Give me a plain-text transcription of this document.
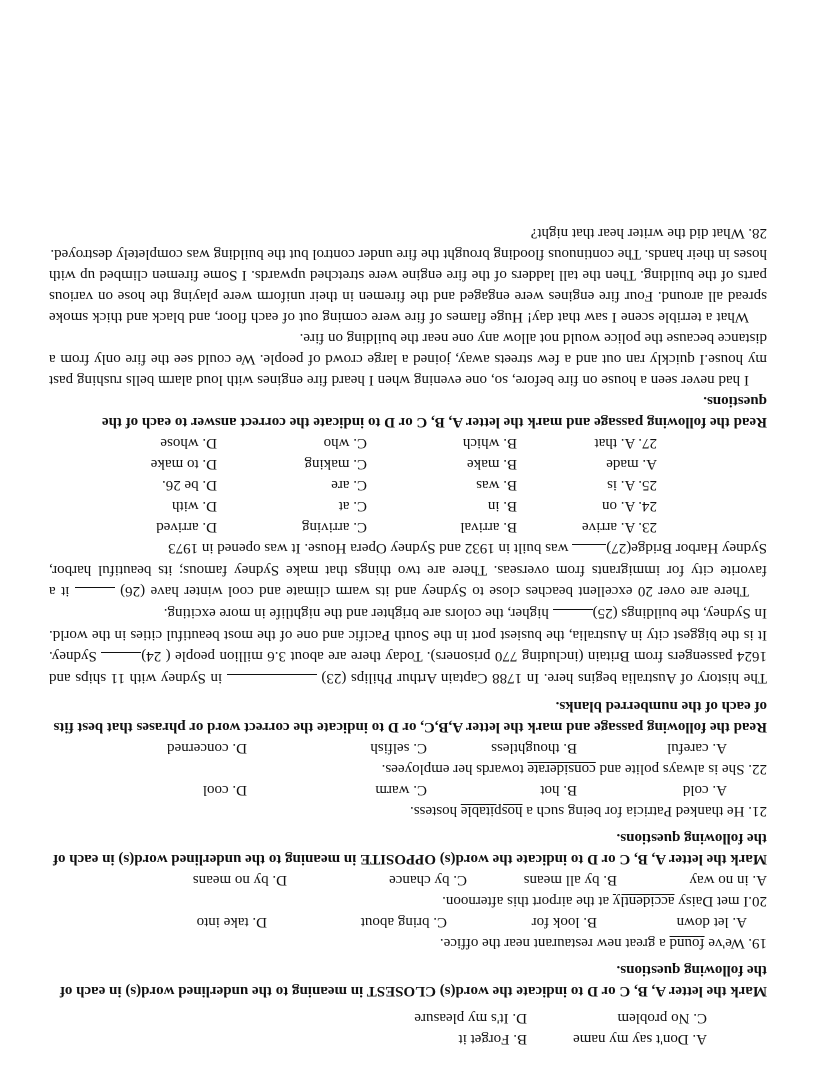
A. Don't say my name
B. Forget it
C. No problem
D. It's my pleasure
Mark the letter A, B, C or D to indicate the word(s) CLOSEST in meaning to the underlined word(s) in each of the following questions.
19. We've found a great new restaurant near the office.
A. let down
B. look for
C. bring about
D. take into
20.I met Daisy accidently at the airport this afternoon.
A. in no way
B. by all means
C. by chance
D. by no means
Mark the letter A, B, C or D to indicate the word(s) OPPOSITE in meaning to the underlined word(s) in each of the following questions.
21. He thanked Patricia for being such a hospitable hostess.
A. cold
B. hot
C. warm
D. cool
22. She is always polite and considerate towards her employees.
A. careful
B. thoughtless
C. selfish
D. concerned
Read the following passage and mark the letter A,B,C, or D to indicate the correct word or phrases that best fits of each of the numberred blanks.
The history of Australia begins here. In 1788 Captain Arthur Philips (23)  in Sydney with 11 ships and 1624 passengers from Britain (including 770 prisoners). Today there are about 3.6 million people ( 24) Sydney. It is the biggest city in Australia, the busiest port in the South Pacific and one of the most beautiful cities in the world. In Sydney, the buildings (25) higher, the colors are brighter and the nightlife in more exciting.
There are over 20 excellent beaches close to Sydney and its warm climate and cool winter have (26)  it a favorite city for immigrants from overseas. There are two things that make Sydney famous; its beautiful harbor, Sydney Harbor Bridge(27) was built in 1932 and Sydney Opera House. It was opened in 1973
23. A. arrive
B. arrival
C. arriving
D. arrived
24. A. on
B. in
C. at
D. with
25. A. is
B. was
C. are
D. be 26.
A. made
B. make
C. making
D. to make
27. A. that
B. which
C. who
D. whose
Read the following passage and mark the letter A, B, C or D to indicate the correct answer to each of the questions.
I had never seen a house on fire before, so, one evening when I heard fire engines with loud alarm bells rushing past my house.I quickly ran out and a few streets away, joined a large crowd of people. We could see the fire only from a distance because the police would not allow any one near the building on fire.
What a terrible scene I saw that day! Huge flames of fire were coming out of each floor, and black and thick smoke spread all around. Four fire engines were engaged and the firemen in their uniform were playing the hose on various parts of the building. Then the tall ladders of the fire engine were stretched upwards. I Some firemen climbed up with hoses in their hands. The continuous flooding brought the fire under control but the building was completely destroyed.
28. What did the writer hear that night?
